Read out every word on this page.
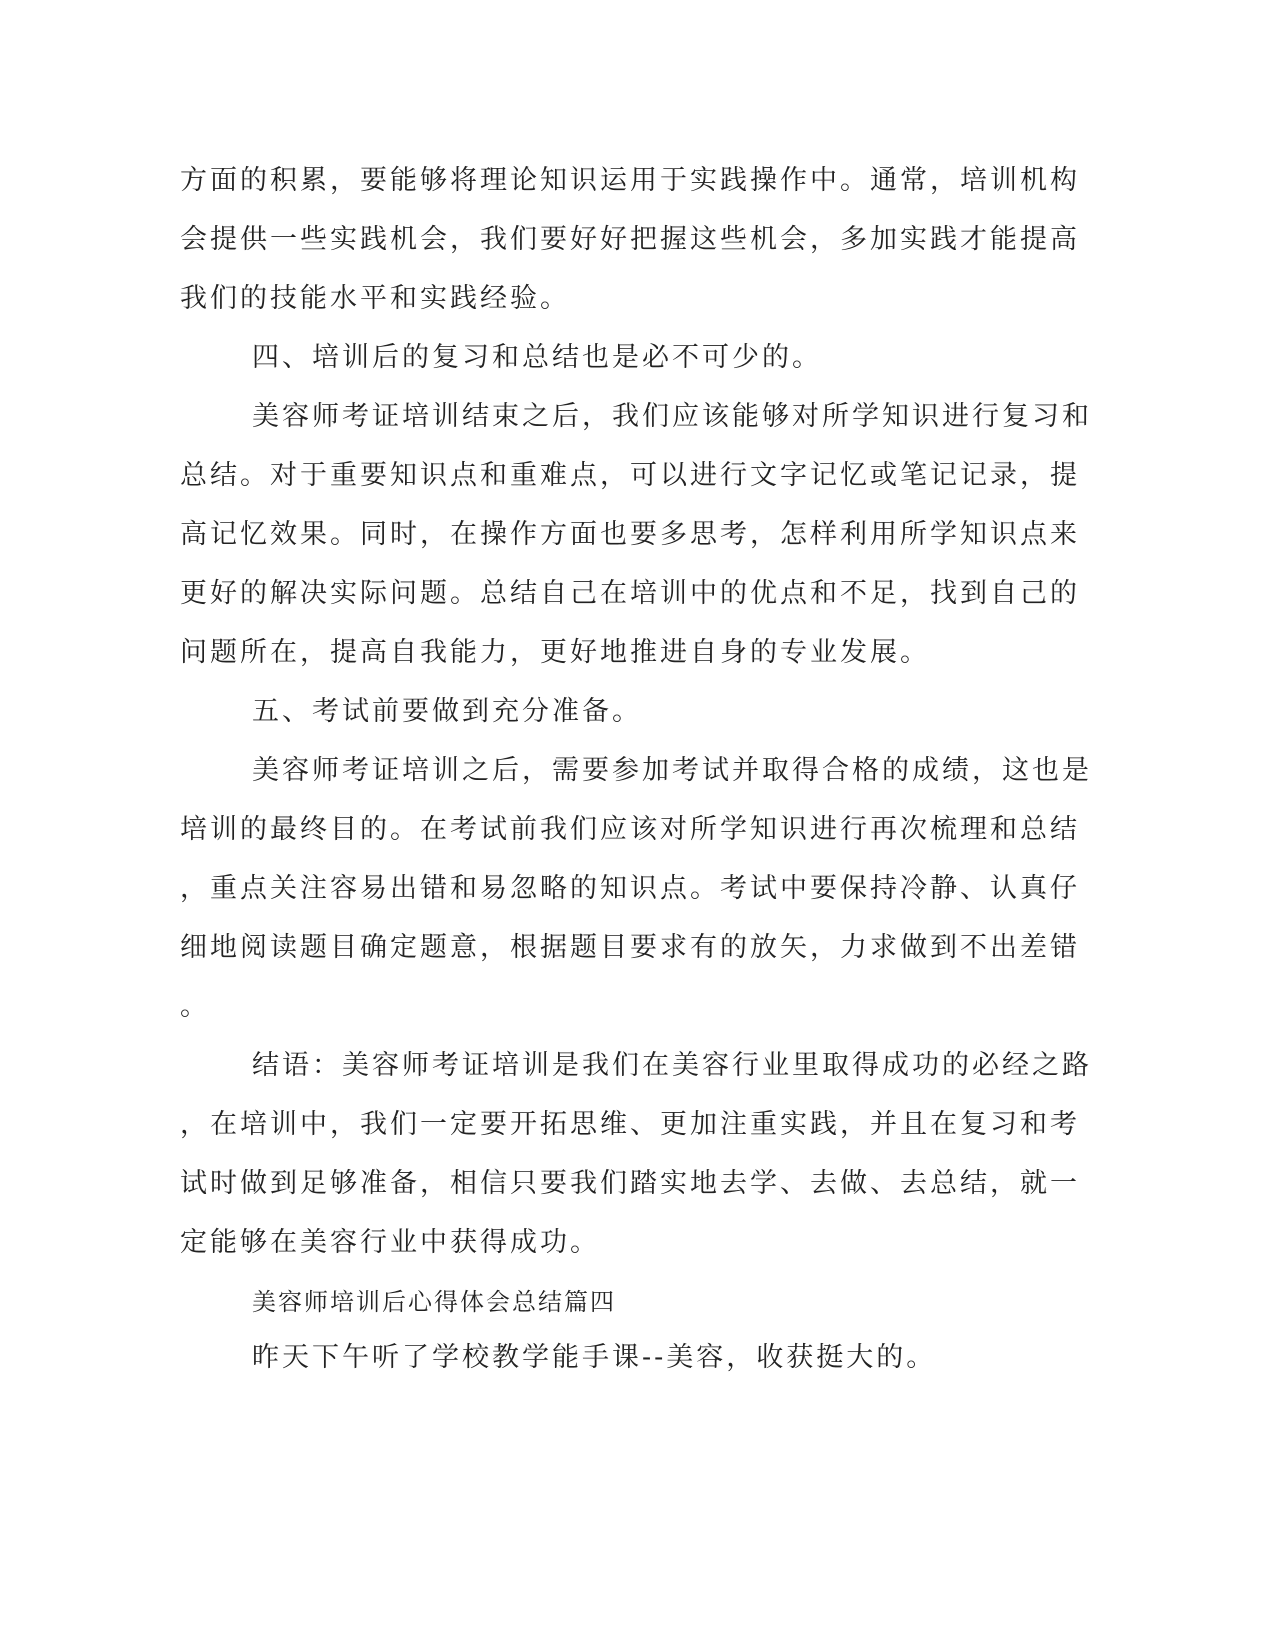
方面的积累，要能够将理论知识运用于实践操作中。通常，培训机构
会提供一些实践机会，我们要好好把握这些机会，多加实践才能提高
我们的技能水平和实践经验。
四、培训后的复习和总结也是必不可少的。
美容师考证培训结束之后，我们应该能够对所学知识进行复习和
总结。对于重要知识点和重难点，可以进行文字记忆或笔记记录，提
高记忆效果。同时，在操作方面也要多思考，怎样利用所学知识点来
更好的解决实际问题。总结自己在培训中的优点和不足，找到自己的
问题所在，提高自我能力，更好地推进自身的专业发展。
五、考试前要做到充分准备。
美容师考证培训之后，需要参加考试并取得合格的成绩，这也是
培训的最终目的。在考试前我们应该对所学知识进行再次梳理和总结
，重点关注容易出错和易忽略的知识点。考试中要保持冷静、认真仔
细地阅读题目确定题意，根据题目要求有的放矢，力求做到不出差错
。
结语：美容师考证培训是我们在美容行业里取得成功的必经之路
，在培训中，我们一定要开拓思维、更加注重实践，并且在复习和考
试时做到足够准备，相信只要我们踏实地去学、去做、去总结，就一
定能够在美容行业中获得成功。
美容师培训后心得体会总结篇四
昨天下午听了学校教学能手课--美容，收获挺大的。
